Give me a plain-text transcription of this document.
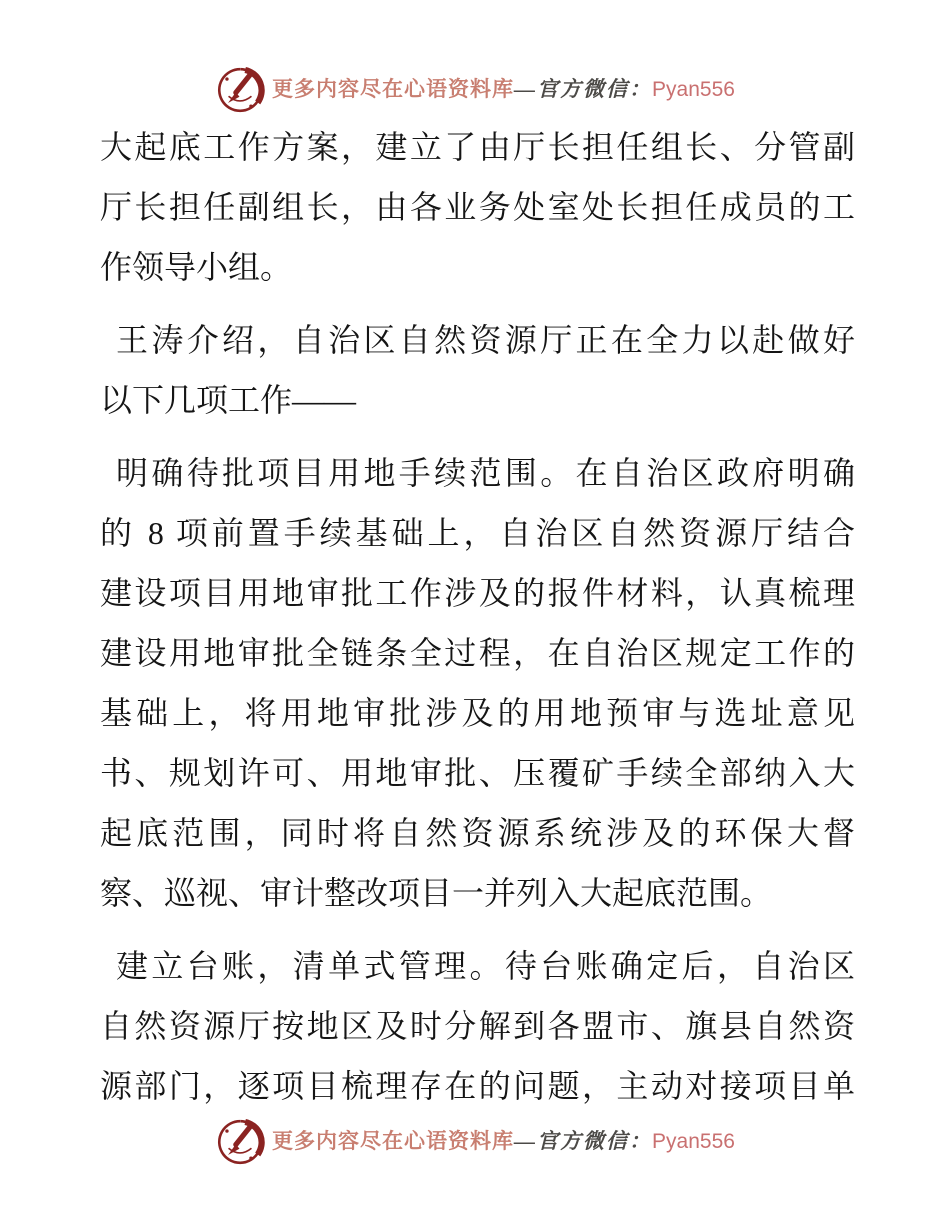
更多内容尽在心语资料库—官方微信：Pyan556
大起底工作方案，建立了由厅长担任组长、分管副
厅长担任副组长，由各业务处室处长担任成员的工
作领导小组。
王涛介绍，自治区自然资源厅正在全力以赴做好
以下几项工作——
明确待批项目用地手续范围。在自治区政府明确
的 8 项前置手续基础上，自治区自然资源厅结合
建设项目用地审批工作涉及的报件材料，认真梳理
建设用地审批全链条全过程，在自治区规定工作的
基础上，将用地审批涉及的用地预审与选址意见
书、规划许可、用地审批、压覆矿手续全部纳入大
起底范围，同时将自然资源系统涉及的环保大督
察、巡视、审计整改项目一并列入大起底范围。
建立台账，清单式管理。待台账确定后，自治区
自然资源厅按地区及时分解到各盟市、旗县自然资
源部门，逐项目梳理存在的问题，主动对接项目单
更多内容尽在心语资料库—官方微信：Pyan556
